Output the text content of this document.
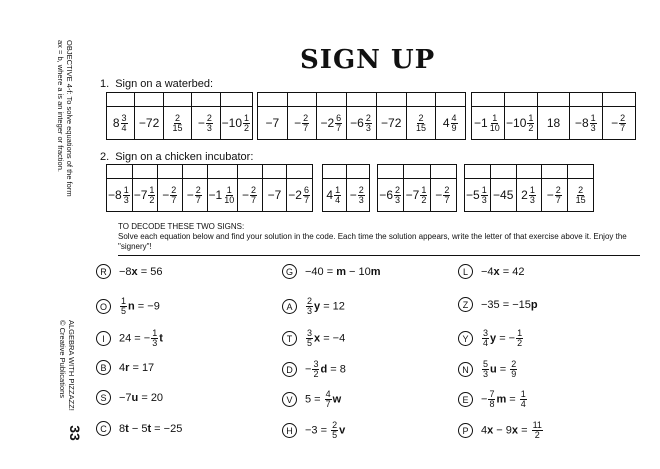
OBJECTIVE 4-f: To solve equations of the form
ax = b, where a is an integer or fraction.
ALGEBRA WITH PIZZAZZ!
© Creative Publications
33
SIGN UP
1. Sign on a waterbed:
$8 \frac{3}{4} -72 \frac{2}{15} - \frac{2}{3} - 10 \frac{1}{2} -7 - \frac{2}{7} - 2 \frac{6}{7} - 6 \frac{2}{3} -72 \frac{2}{15} 4 \frac{4}{9} - 1 \frac{1}{10} - 10 \frac{1}{2} 18 - 8 \frac{1}{3} - \frac{2}{7}$
2. Sign on a chicken incubator:
− $8 \frac{1}{3} - 7 \frac{1}{2} - \frac{2}{7} - \frac{2}{7} - 1 \frac{1}{10} - \frac{2}{7} -7 - 2 \frac{6}{7} 4 \frac{1}{4} - \frac{2}{3} - 6 \frac{2}{3} - 7 \frac{1}{2} - \frac{2}{7} - 5 \frac{1}{3} -45$ $2 \frac{1}{3} - \frac{2}{7} \frac{2}{15}$
TO DECODE THESE TWO SIGNS:
Solve each equation below and find your solution in the code. Each time the solution appears, write the letter of that exercise above it. Enjoy the "signery"!
R	−8x = 56	G	−40 = m − 10m	L	−4x = 42
O	$\frac{1}{5}$ n = −9	A	$\frac{2}{3}$ y = 12	Z	−35 = −15p
I	24 = − $\frac{1}{3}$ t	T	$\frac{3}{5}$ x = −4	Y	$\frac{3}{4}$ y = − $\frac{1}{2}$
B	4r = 17	D	− $\frac{3}{2}$ d = 8	N	$\frac{5}{3}$ $u = \frac{2}{9}$
S	−7u = 20	V	$5 = \frac{4}{7}$ w	E	− $\frac{7}{8}$ $m = \frac{1}{4}$
C	8t − 5t = −25	H	$-3 = \frac{2}{5}$ v	P	$4x - 9x = \frac{11}{2}$
